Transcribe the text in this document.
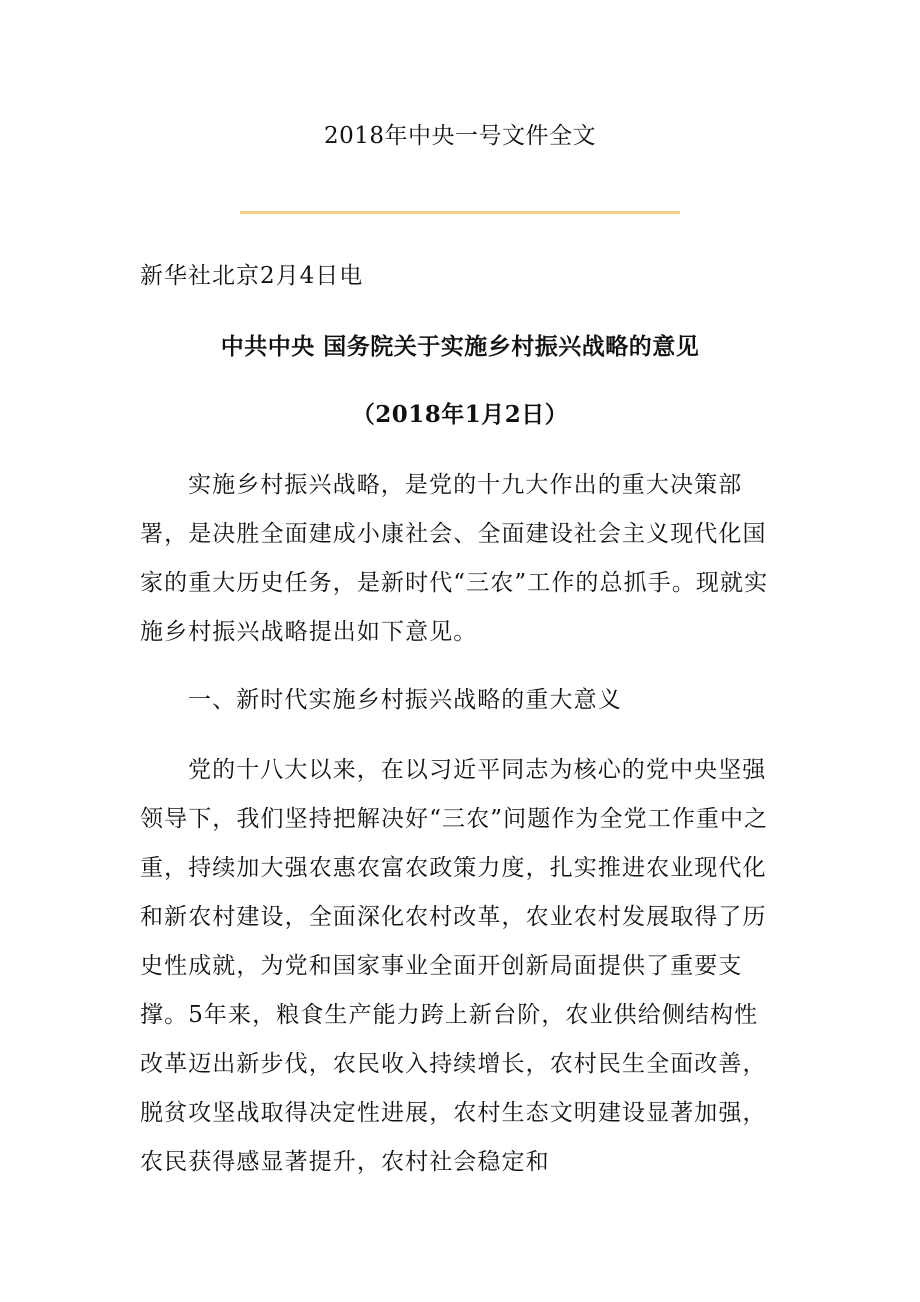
2018年中央一号文件全文
新华社北京2月4日电
中共中央 国务院关于实施乡村振兴战略的意见
（2018年1月2日）

实施乡村振兴战略，是党的十九大作出的重大决策部署，是决胜全面建成小康社会、全面建设社会主义现代化国家的重大历史任务，是新时代“三农”工作的总抓手。现就实施乡村振兴战略提出如下意见。

一、新时代实施乡村振兴战略的重大意义

党的十八大以来，在以习近平同志为核心的党中央坚强领导下，我们坚持把解决好“三农”问题作为全党工作重中之重，持续加大强农惠农富农政策力度，扎实推进农业现代化和新农村建设，全面深化农村改革，农业农村发展取得了历史性成就，为党和国家事业全面开创新局面提供了重要支撑。5年来，粮食生产能力跨上新台阶，农业供给侧结构性改革迈出新步伐，农民收入持续增长，农村民生全面改善，脱贫攻坚战取得决定性进展，农村生态文明建设显著加强，农民获得感显著提升，农村社会稳定和
